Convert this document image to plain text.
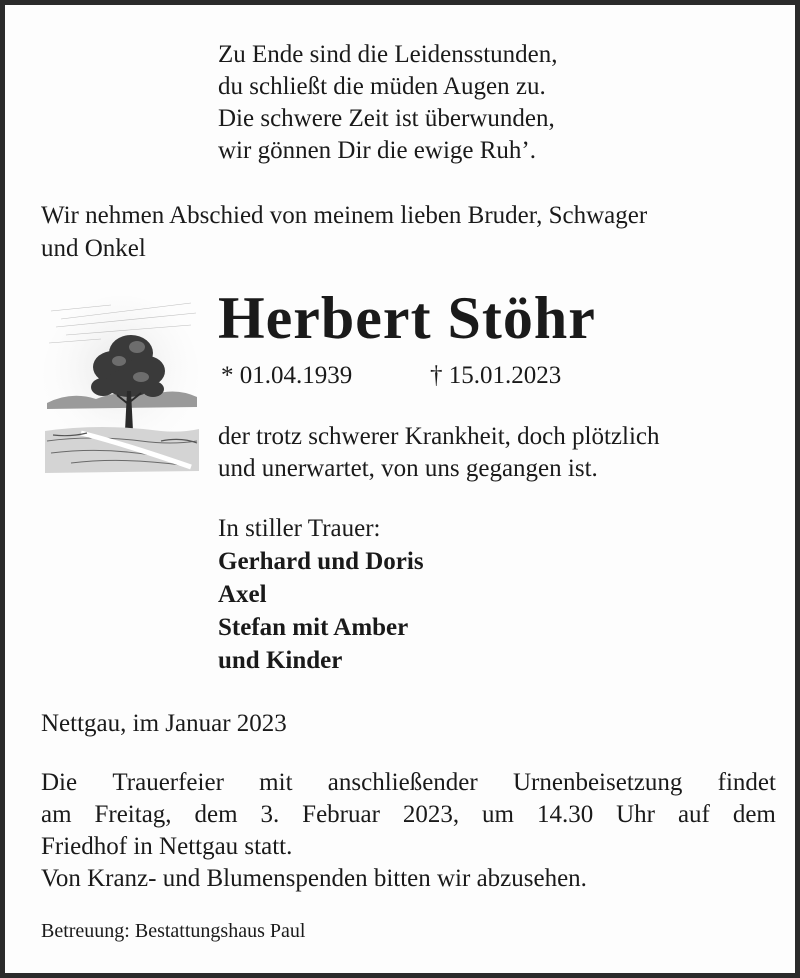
Zu Ende sind die Leidensstunden,
du schließt die müden Augen zu.
Die schwere Zeit ist überwunden,
wir gönnen Dir die ewige Ruh’.
Wir nehmen Abschied von meinem lieben Bruder, Schwager
und Onkel
Herbert Stöhr
* 01.04.1939	† 15.01.2023
der trotz schwerer Krankheit, doch plötzlich
und unerwartet, von uns gegangen ist.
In stiller Trauer:
Gerhard und Doris
Axel
Stefan mit Amber
und Kinder
Nettgau, im Januar 2023
Die Trauerfeier mit anschließender Urnenbeisetzung findet
am Freitag, dem 3. Februar 2023, um 14.30 Uhr auf dem
Friedhof in Nettgau statt.
Von Kranz- und Blumenspenden bitten wir abzusehen.
Betreuung: Bestattungshaus Paul
